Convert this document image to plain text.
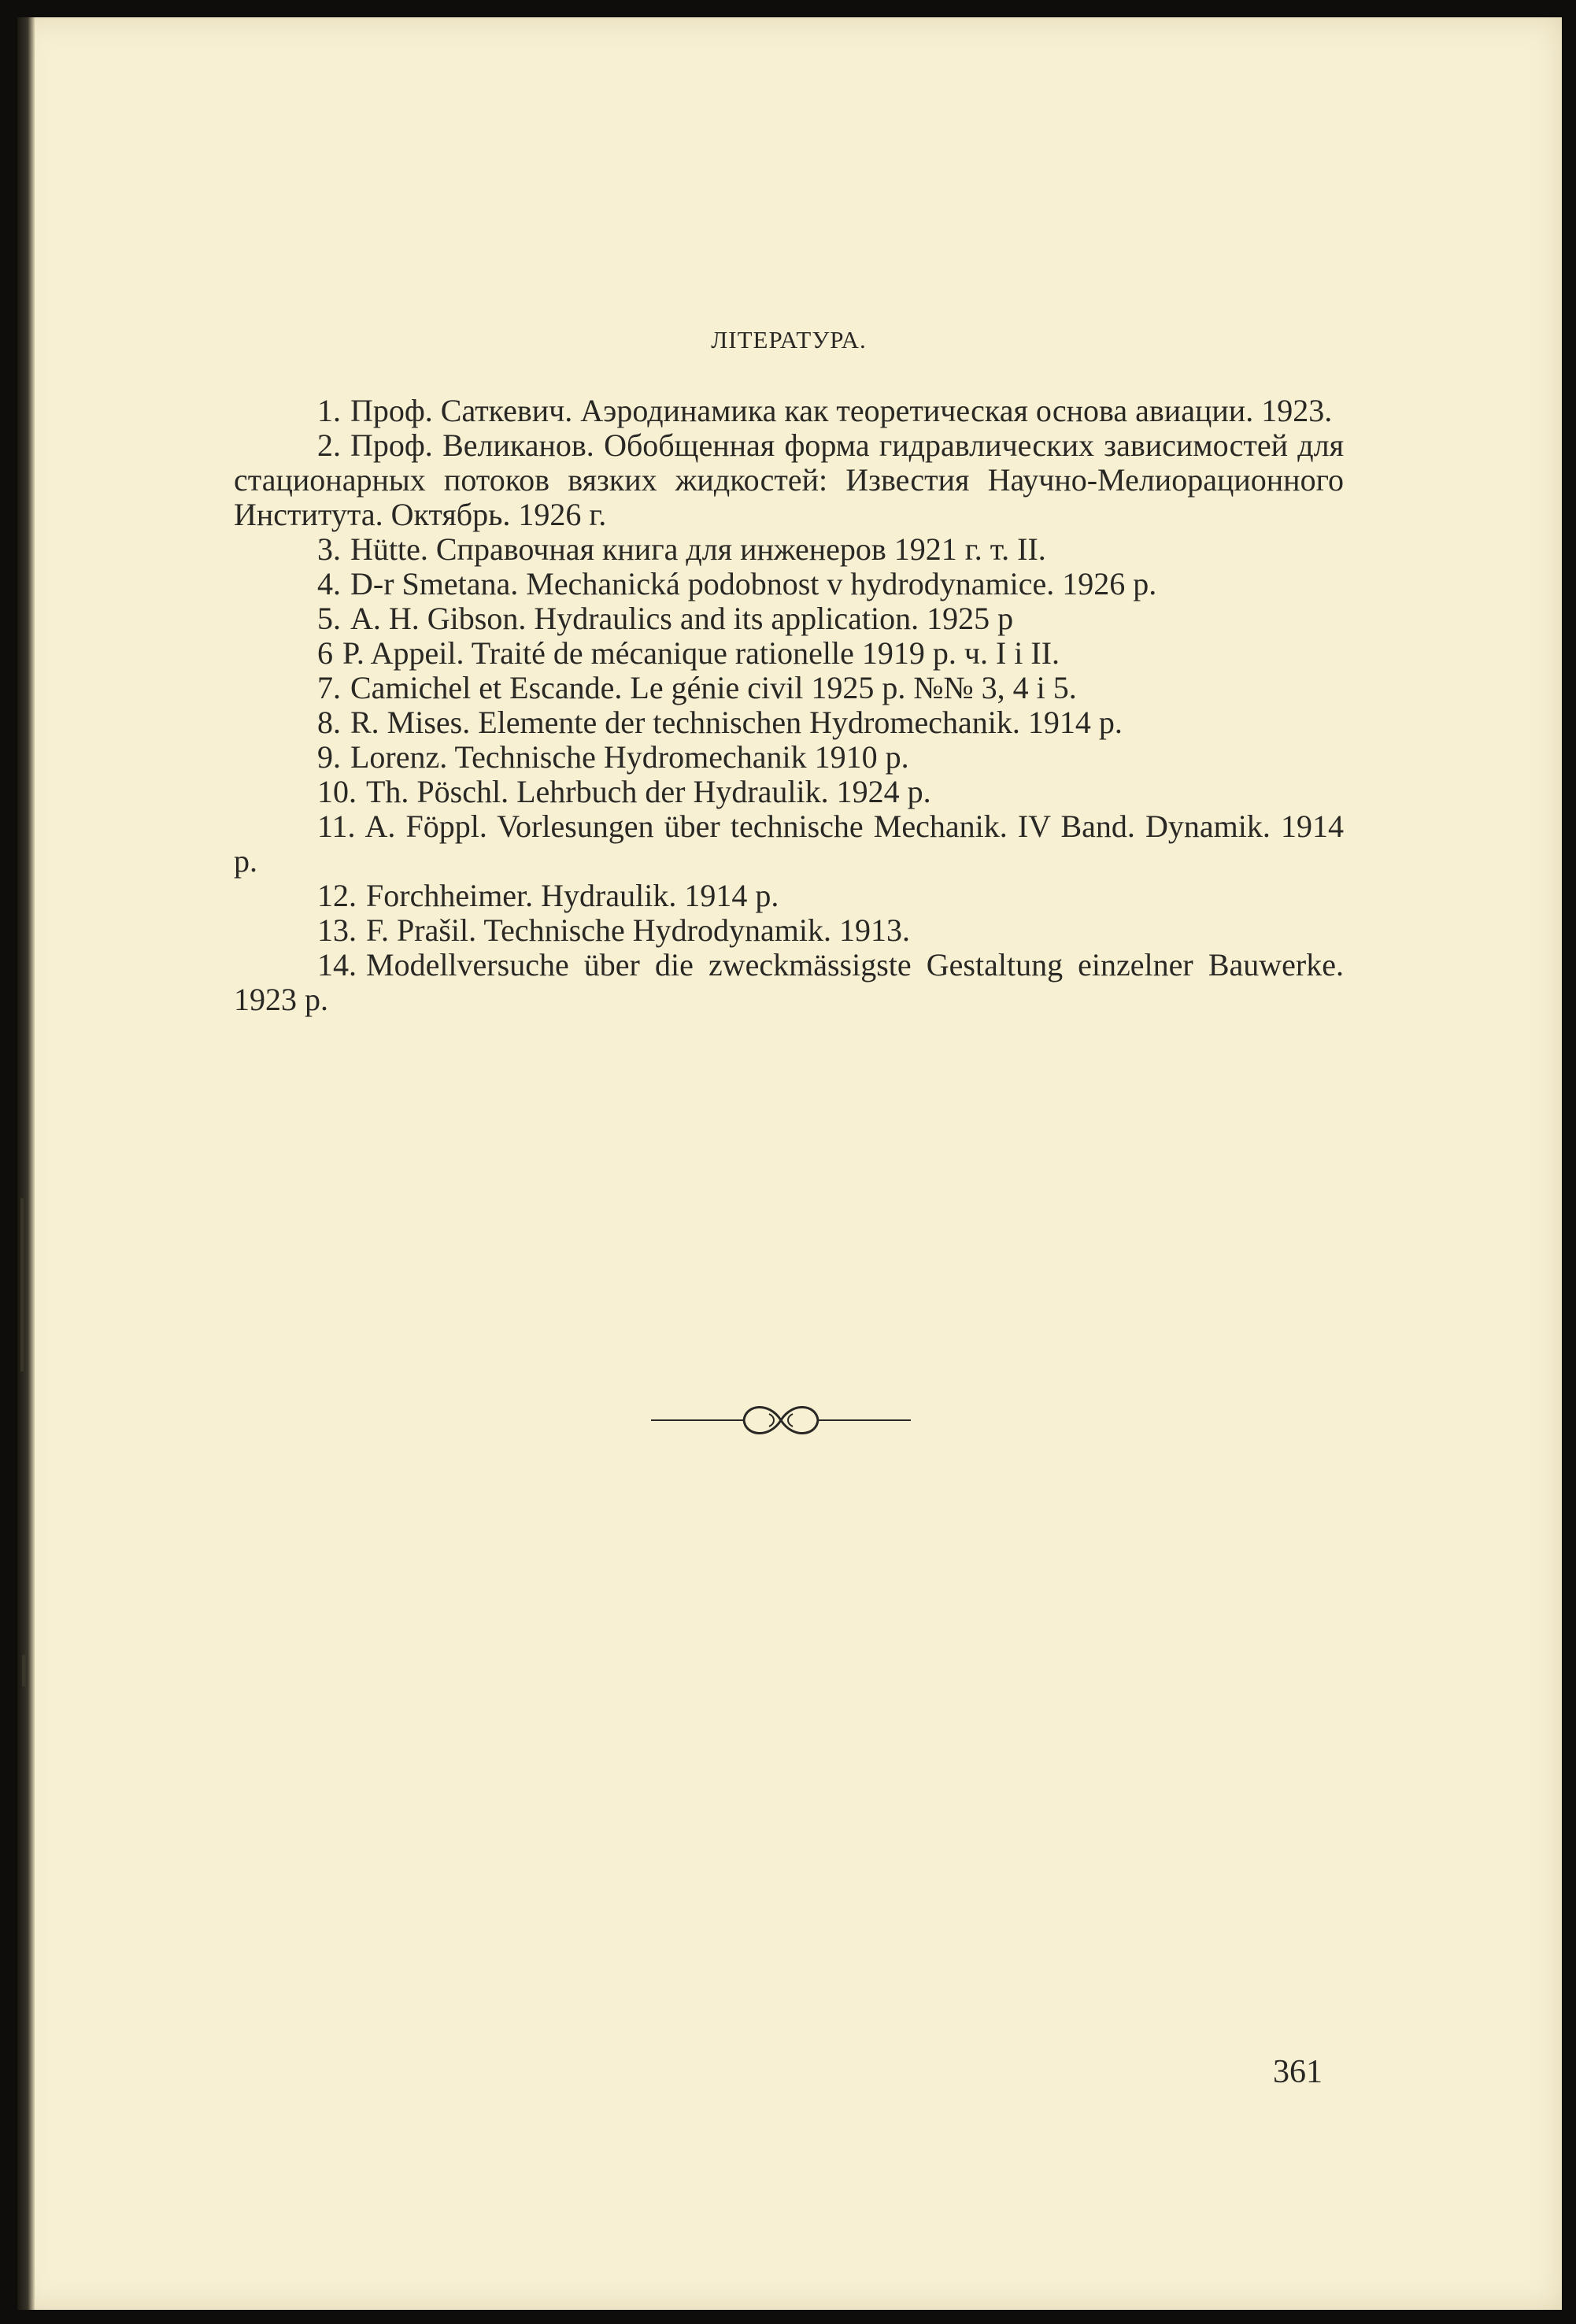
ЛІТЕРАТУРА.
1. Проф. Саткевич. Аэродинамика как теоретическая основа авиации. 1923.
2. Проф. Великанов. Обобщенная форма гидравлических зависимостей для стационарных потоков вязких жидкостей: Известия Научно-Мелиорационного Института. Октябрь. 1926 г.
3. Hütte. Справочная книга для инженеров 1921 г. т. II.
4. D-r Smetana. Mechanická podobnost v hydrodynamice. 1926 p.
5. A. H. Gibson. Hydraulics and its application. 1925 p
6 P. Appeil. Traité de mécanique rationelle 1919 p. ч. I і II.
7. Camichel et Escande. Le génie civil 1925 p. №№ 3, 4 і 5.
8. R. Mises. Elemente der technischen Hydromechanik. 1914 p.
9. Lorenz. Technische Hydromechanik 1910 p.
10. Th. Pöschl. Lehrbuch der Hydraulik. 1924 p.
11. A. Föppl. Vorlesungen über technische Mechanik. IV Band. Dynamik. 1914 p.
12. Forchheimer. Hydraulik. 1914 p.
13. F. Prašil. Technische Hydrodynamik. 1913.
14. Modellversuche über die zweckmässigste Gestaltung einzelner Bauwerke. 1923 p.
361
